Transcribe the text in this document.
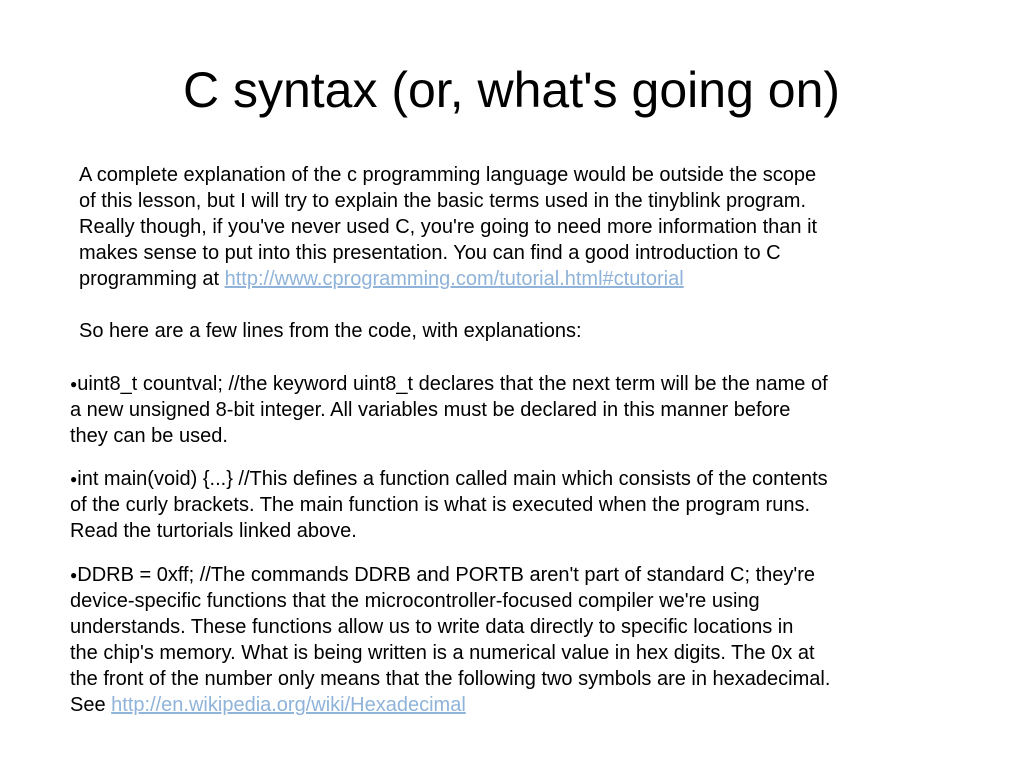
C syntax (or, what's going on)
A complete explanation of the c programming language would be outside the scope
of this lesson, but I will try to explain the basic terms used in the tinyblink program.
Really though, if you've never used C, you're going to need more information than it
makes sense to put into this presentation. You can find a good introduction to C
programming at http://www.cprogramming.com/tutorial.html#ctutorial
So here are a few lines from the code, with explanations:
●uint8_t countval; //the keyword uint8_t declares that the next term will be the name of
a new unsigned 8-bit integer. All variables must be declared in this manner before
they can be used.
●int main(void) {...} //This defines a function called main which consists of the contents
of the curly brackets. The main function is what is executed when the program runs.
Read the turtorials linked above.
●DDRB = 0xff; //The commands DDRB and PORTB aren't part of standard C; they're
device-specific functions that the microcontroller-focused compiler we're using
understands. These functions allow us to write data directly to specific locations in
the chip's memory. What is being written is a numerical value in hex digits. The 0x at
the front of the number only means that the following two symbols are in hexadecimal.
See http://en.wikipedia.org/wiki/Hexadecimal
